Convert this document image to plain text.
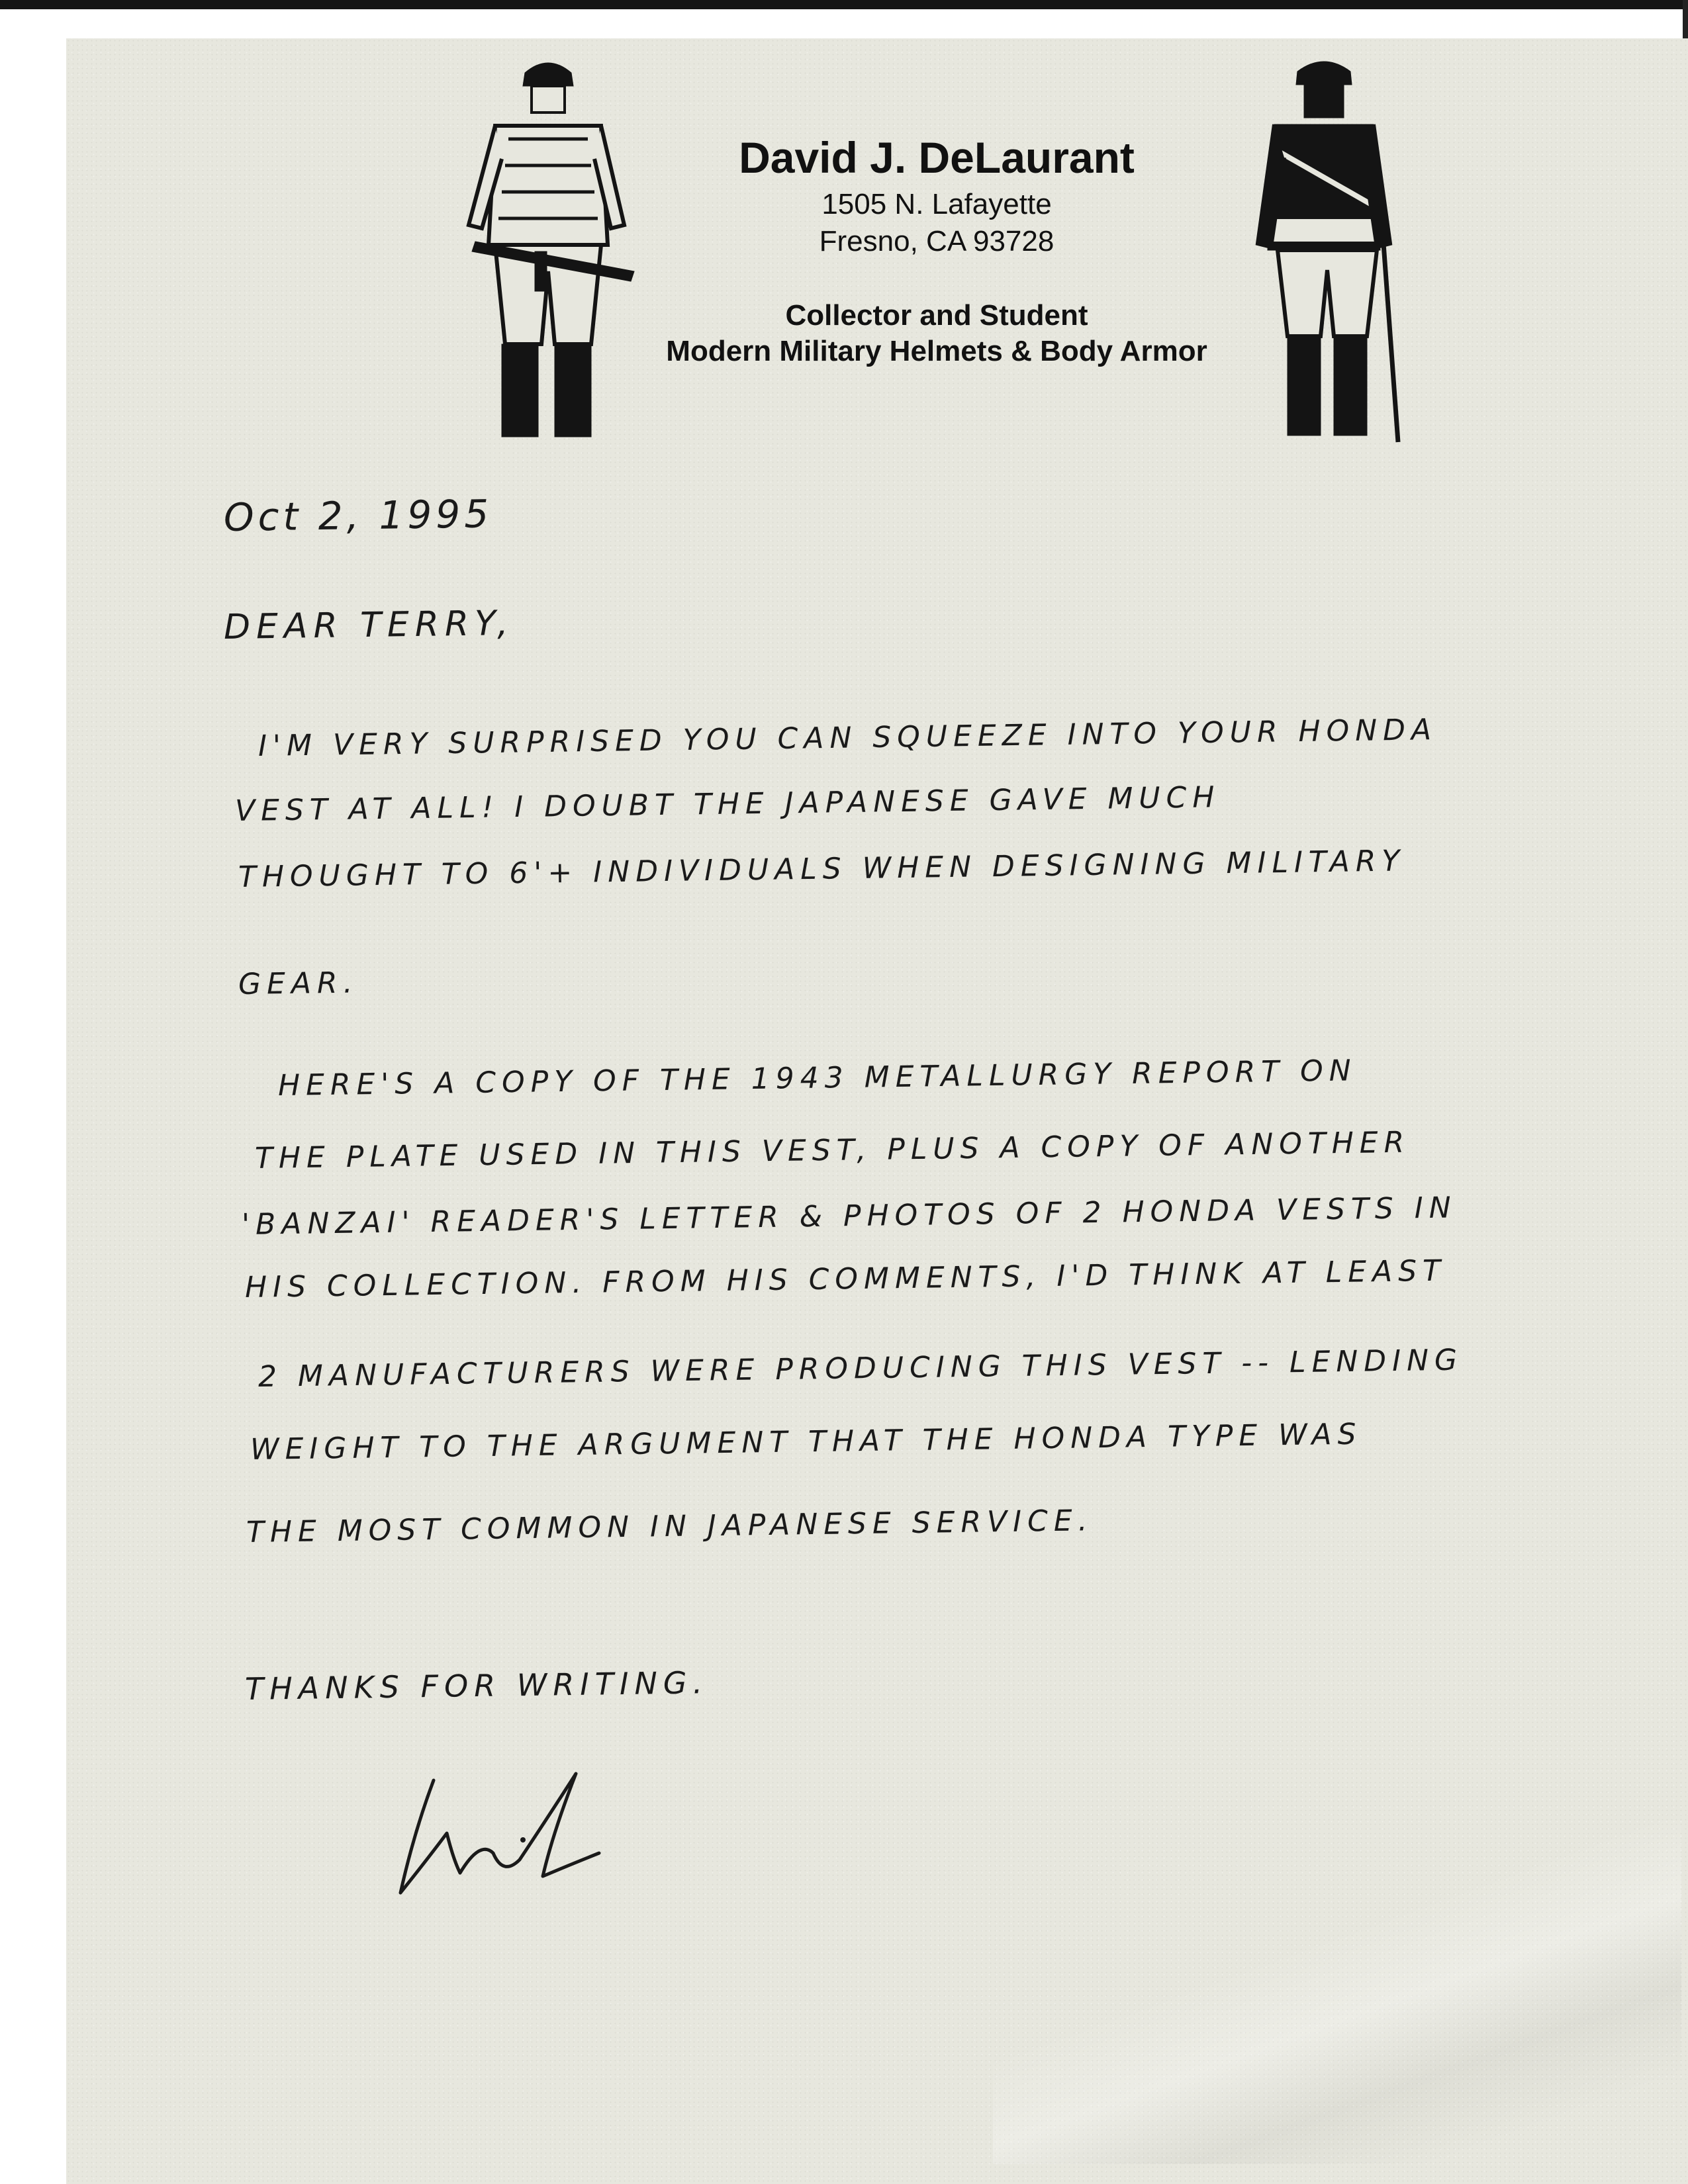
David J. DeLaurant
1505 N. Lafayette
Fresno, CA 93728
Collector and Student
Modern Military Helmets & Body Armor
Oct 2, 1995
DEAR TERRY,
I'M VERY SURPRISED YOU CAN SQUEEZE INTO YOUR HONDA
VEST AT ALL! I DOUBT THE JAPANESE GAVE MUCH
THOUGHT TO 6'+ INDIVIDUALS WHEN DESIGNING MILITARY
GEAR.
HERE'S A COPY OF THE 1943 METALLURGY REPORT ON
THE PLATE USED IN THIS VEST, PLUS A COPY OF ANOTHER
'BANZAI' READER'S LETTER & PHOTOS OF 2 HONDA VESTS IN
HIS COLLECTION. FROM HIS COMMENTS, I'D THINK AT LEAST
2 MANUFACTURERS WERE PRODUCING THIS VEST -- LENDING
WEIGHT TO THE ARGUMENT THAT THE HONDA TYPE WAS
THE MOST COMMON IN JAPANESE SERVICE.
THANKS FOR WRITING.
